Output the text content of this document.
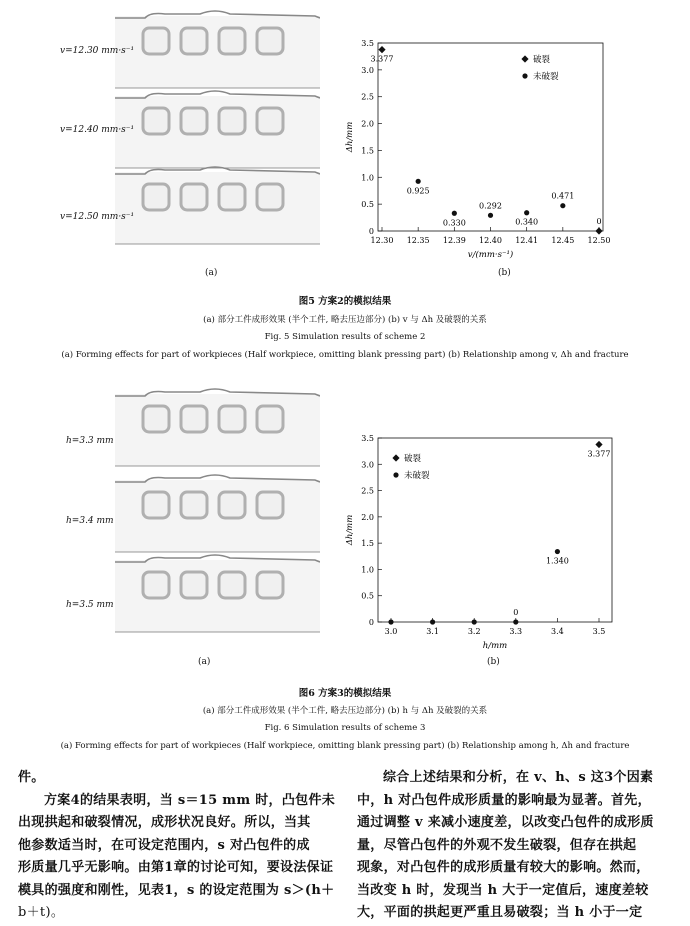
v=12.30 mm·s⁻¹
v=12.40 mm·s⁻¹
v=12.50 mm·s⁻¹
(a)
0
0.5
1.0
1.5
2.0
2.5
3.0
3.5
12.30 12.35 12.39 12.40 12.41 12.45 12.50
v/(mm·s⁻¹)
Δh/mm
破裂
未破裂
3.377
0.925
0.330
0.292
0.340
0.471
0
(b)
图5 方案2的模拟结果
(a) 部分工件成形效果 (半个工件, 略去压边部分) (b) v 与 Δh 及破裂的关系
Fig. 5 Simulation results of scheme 2
(a) Forming effects for part of workpieces (Half workpiece, omitting blank pressing part) (b) Relationship among v, Δh and fracture
h=3.3 mm
h=3.4 mm
h=3.5 mm
(a)
0
0.5
1.0
1.5
2.0
2.5
3.0
3.5
3.0	3.1	3.2	3.3	3.4	3.5
h/mm
Δh/mm
破裂
未破裂
0
1.340
3.377
(b)
图6 方案3的模拟结果
(a) 部分工件成形效果 (半个工件, 略去压边部分) (b) h 与 Δh 及破裂的关系
Fig. 6 Simulation results of scheme 3
(a) Forming effects for part of workpieces (Half workpiece, omitting blank pressing part) (b) Relationship among h, Δh and fracture
件。
方案4的结果表明，当 s＝15 mm 时，凸包件未
出现拱起和破裂情况，成形状况良好。所以，当其
他参数适当时，在可设定范围内，s 对凸包件的成
形质量几乎无影响。由第1章的讨论可知，要设法保证
模具的强度和刚性，见表1，s 的设定范围为 s＞(h＋
b＋t)。
综合上述结果和分析，在 v、h、s 这3个因素
中，h 对凸包件成形质量的影响最为显著。首先，
通过调整 v 来减小速度差，以改变凸包件的成形质
量，尽管凸包件的外观不发生破裂，但存在拱起
现象，对凸包件的成形质量有较大的影响。然而，
当改变 h 时，发现当 h 大于一定值后，速度差较
大，平面的拱起更严重且易破裂；当 h 小于一定
